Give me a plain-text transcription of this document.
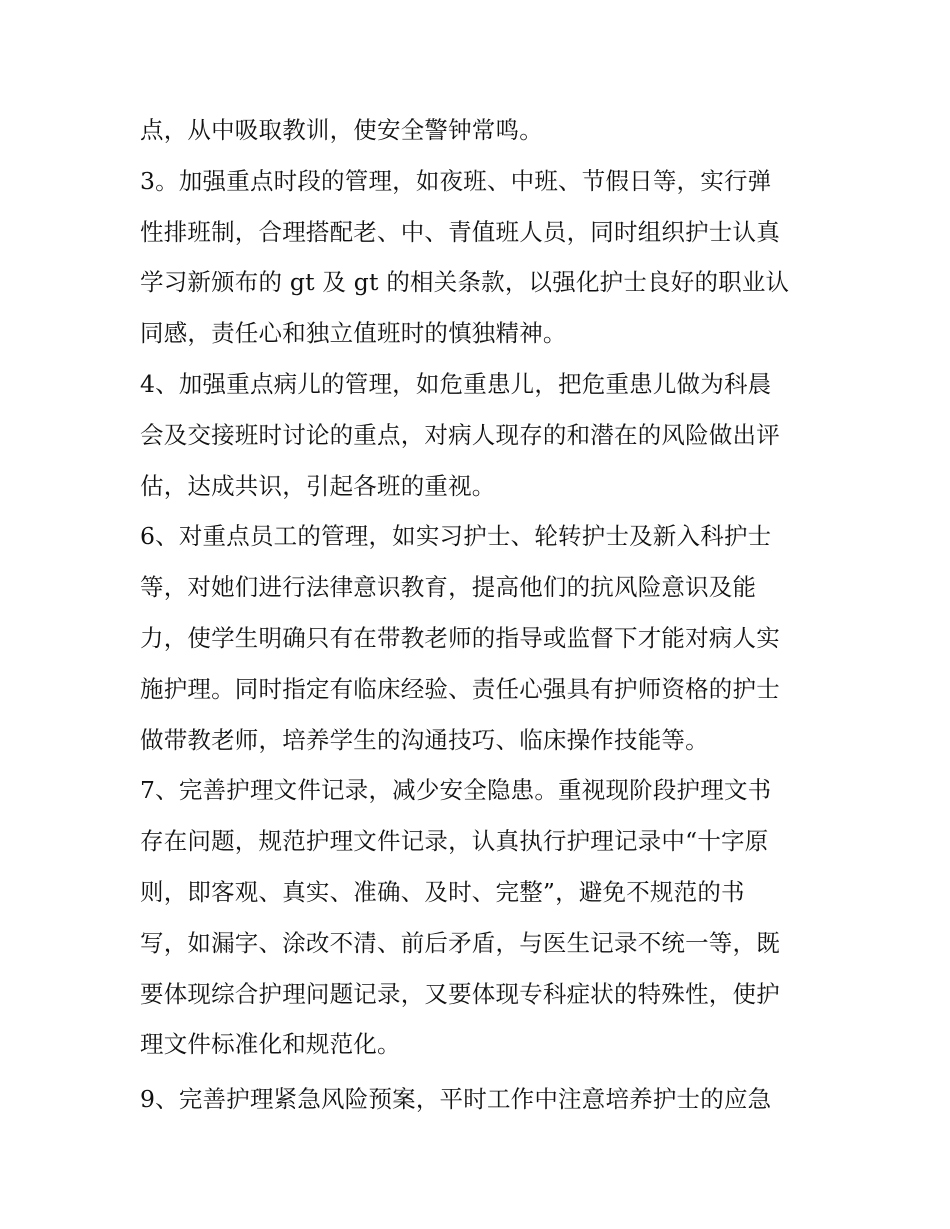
点，从中吸取教训，使安全警钟常鸣。
3。加强重点时段的管理，如夜班、中班、节假日等，实行弹
性排班制，合理搭配老、中、青值班人员，同时组织护士认真
学习新颁布的 gt 及 gt 的相关条款，以强化护士良好的职业认
同感，责任心和独立值班时的慎独精神。
4、加强重点病儿的管理，如危重患儿，把危重患儿做为科晨
会及交接班时讨论的重点，对病人现存的和潜在的风险做出评
估，达成共识，引起各班的重视。
6、对重点员工的管理，如实习护士、轮转护士及新入科护士
等，对她们进行法律意识教育，提高他们的抗风险意识及能
力，使学生明确只有在带教老师的指导或监督下才能对病人实
施护理。同时指定有临床经验、责任心强具有护师资格的护士
做带教老师，培养学生的沟通技巧、临床操作技能等。
7、完善护理文件记录，减少安全隐患。重视现阶段护理文书
存在问题，规范护理文件记录，认真执行护理记录中“十字原
则，即客观、真实、准确、及时、完整”，避免不规范的书
写，如漏字、涂改不清、前后矛盾，与医生记录不统一等，既
要体现综合护理问题记录，又要体现专科症状的特殊性，使护
理文件标准化和规范化。
9、完善护理紧急风险预案，平时工作中注意培养护士的应急
